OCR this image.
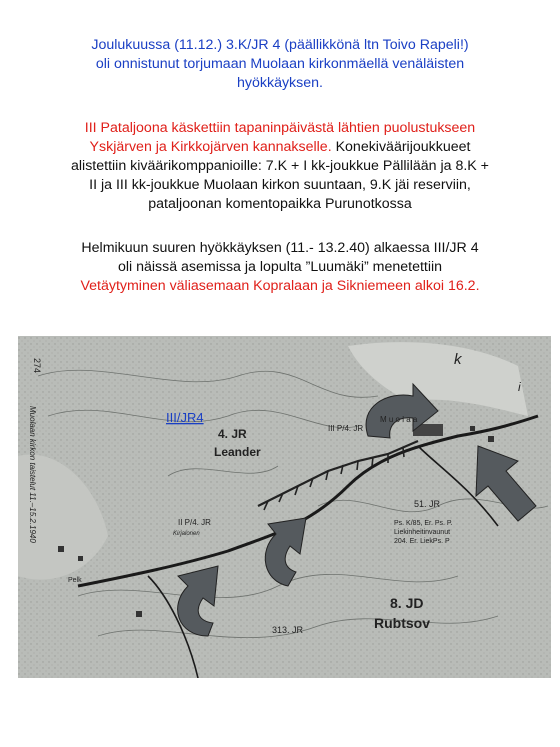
Joulukuussa (11.12.) 3.K/JR 4 (päällikkönä ltn Toivo Rapeli!)
oli onnistunut torjumaan Muolaan kirkonmäellä venäläisten
hyökkäyksen.
III Pataljoona käskettiin tapaninpäivästä lähtien puolustukseen
Yskjärven ja Kirkkojärven kannakselle. Konekiväärijoukkueet
alistettiin kiväärikomppanioille: 7.K + I kk-joukkue Pällilään ja 8.K +
II ja III kk-joukkue Muolaan kirkon suuntaan, 9.K jäi reserviin,
pataljoonan komentopaikka Purunotkossa
Helmikuun suuren hyökkäyksen (11.- 13.2.40) alkaessa III/JR 4
oli näissä asemissa ja lopulta ”Luumäki” menetettiin
Vetäytyminen väliasemaan Kopralaan ja Sikniemeen alkoi 16.2.
274
Muolaan kirkon taistelut 11.–15.2.1940	III/JR4
4. JR
Leander
III P/4. JR
M u o l a a
II P/4. JR
Kirjalonen
51. JR
Ps. K/85, Er. Ps. P.
Liekinheitinvaunut
204. Er. LiekPs. P
8. JD
Rubtsov
313. JR
k
i
Pelk
